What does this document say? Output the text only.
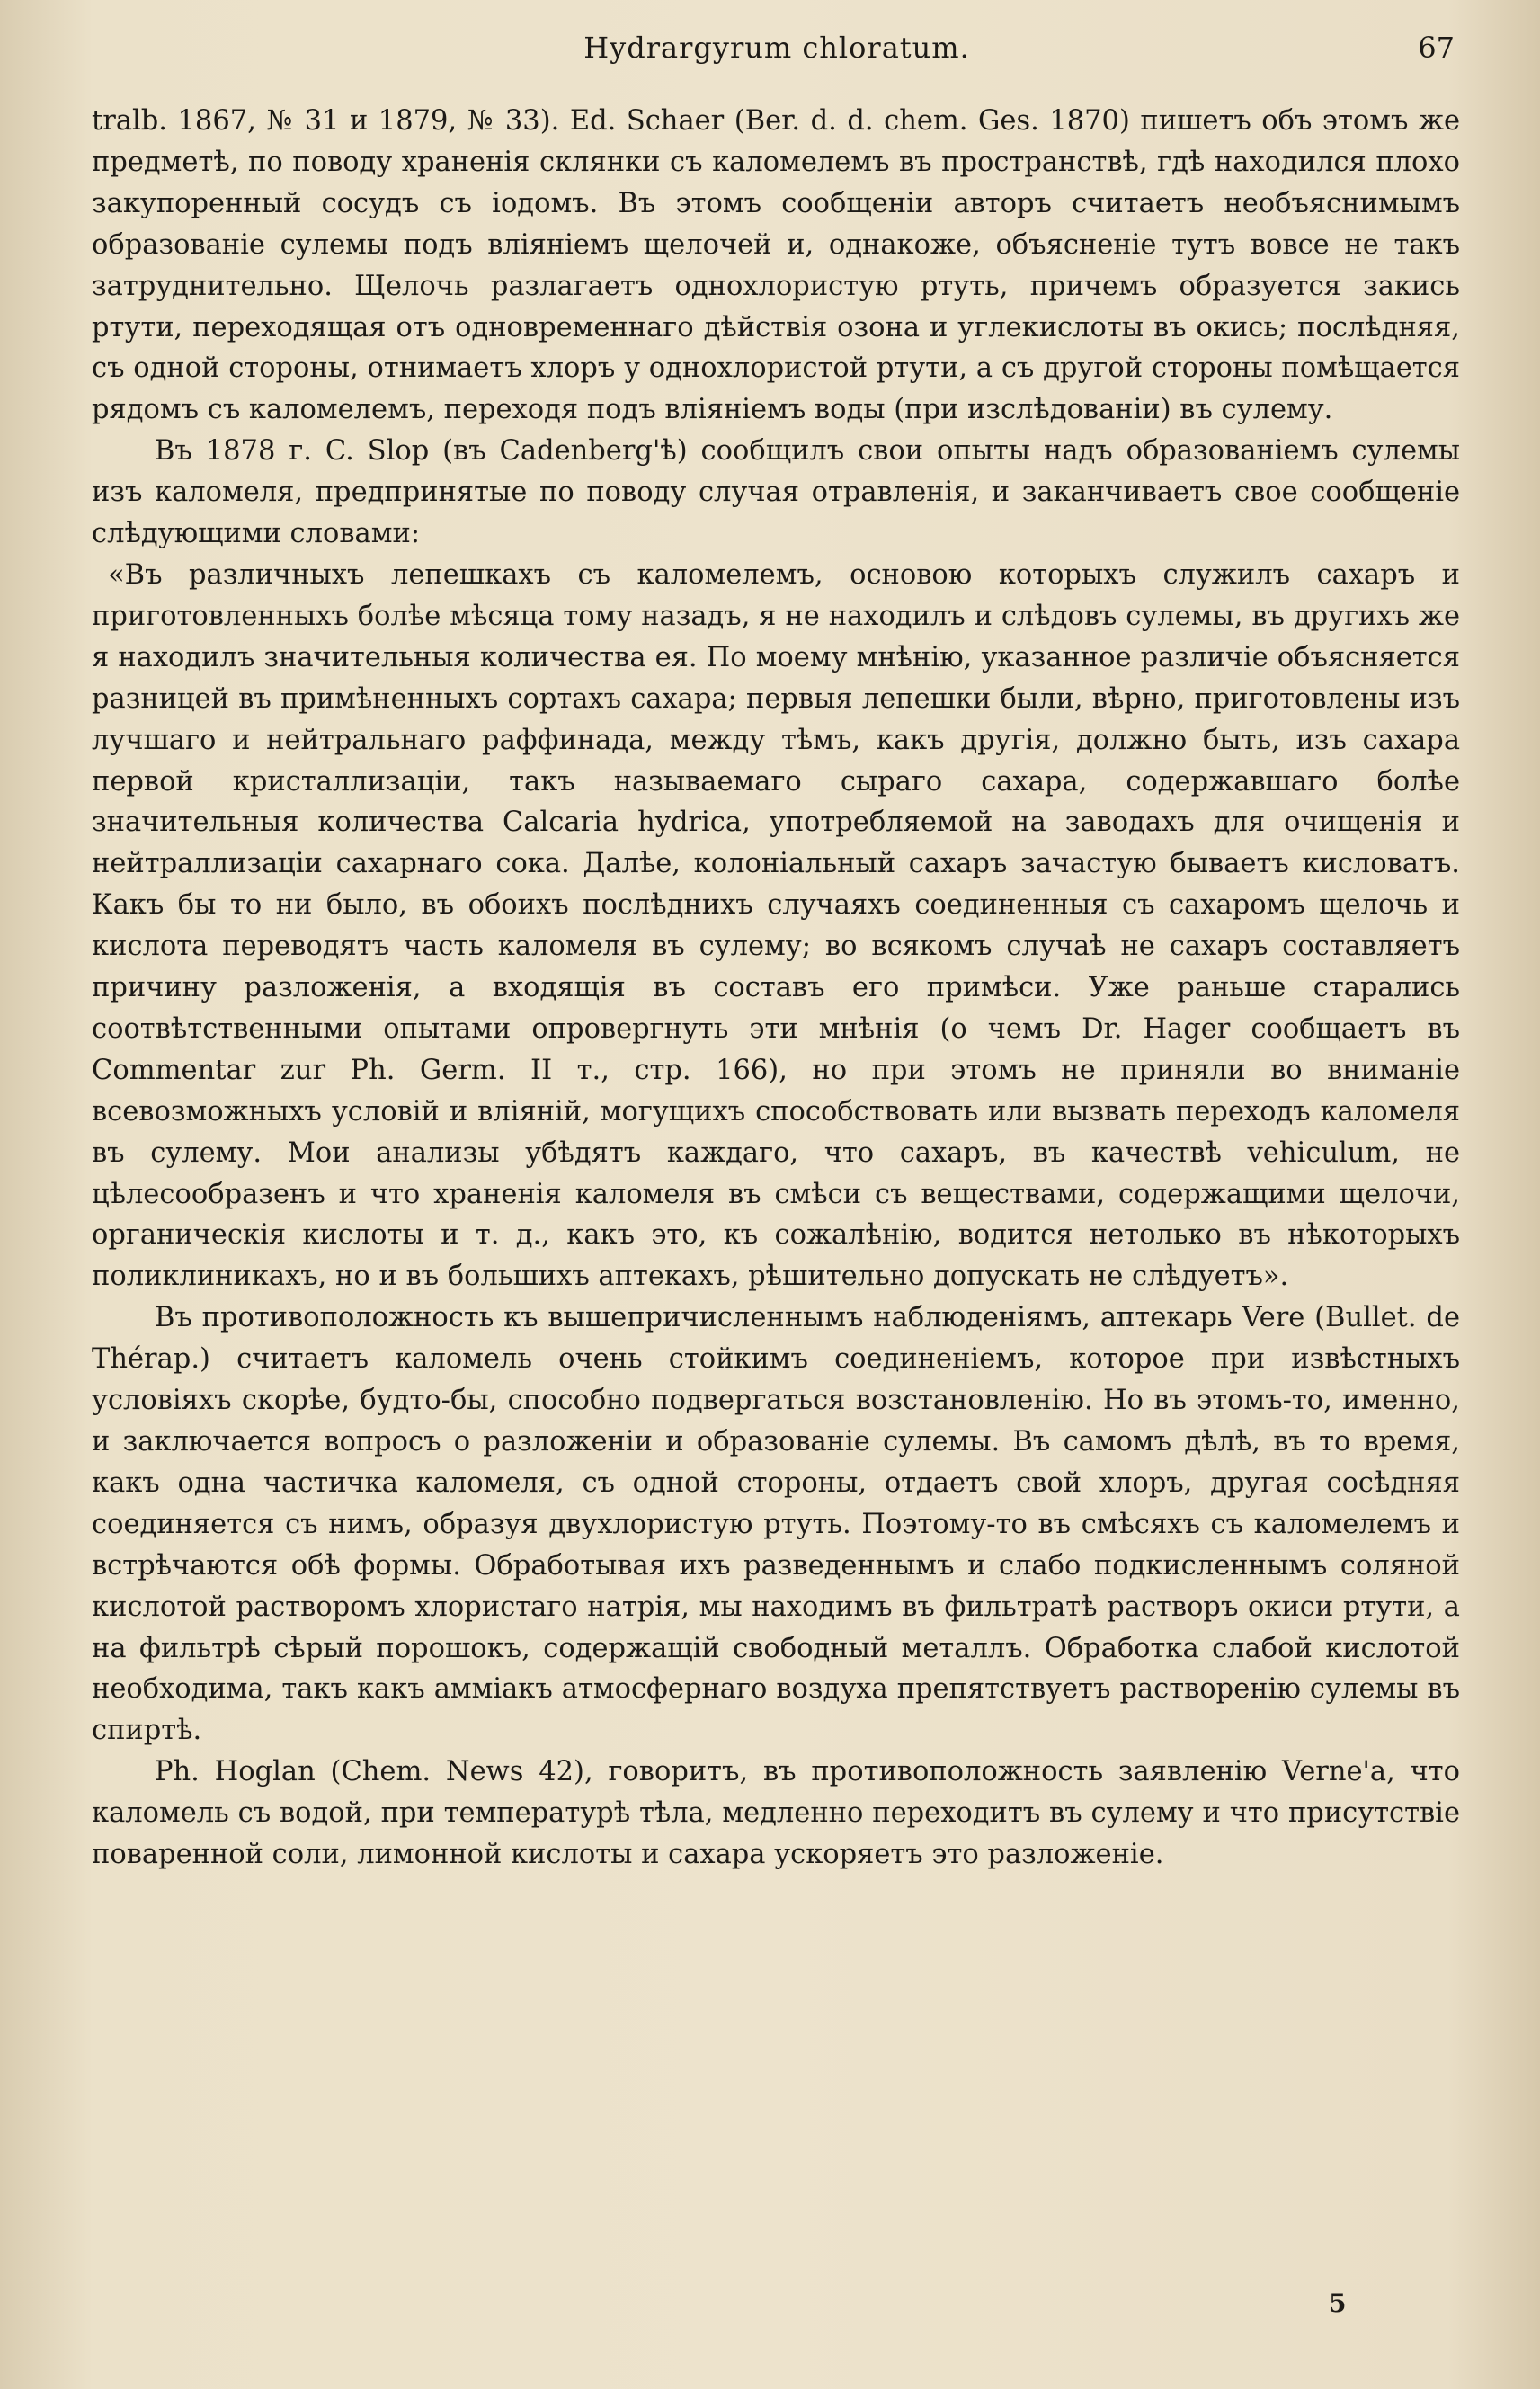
Hydrargyrum chloratum.	67

tralb. 1867, № 31 и 1879, № 33). Ed. Schaer (Ber. d. d. chem. Ges. 1870) пишетъ объ этомъ же предметѣ, по поводу храненія склянки съ каломелемъ въ пространствѣ, гдѣ находился плохо закупоренный сосудъ съ іодомъ. Въ этомъ сообщеніи авторъ считаетъ необъяснимымъ образованіе сулемы подъ вліяніемъ щелочей и, однакоже, объясненіе тутъ вовсе не такъ затруднительно. Щелочь разлагаетъ однохлористую ртуть, причемъ образуется закись ртути, переходящая отъ одновременнаго дѣйствія озона и углекислоты въ окись; послѣдняя, съ одной стороны, отнимаетъ хлоръ у однохлористой ртути, а съ другой стороны помѣщается рядомъ съ каломелемъ, переходя подъ вліяніемъ воды (при изслѣдованіи) въ сулему.

Въ 1878 г. C. Slop (въ Cadenberg'ѣ) сообщилъ свои опыты надъ образованіемъ сулемы изъ каломеля, предпринятые по поводу случая отравленія, и заканчиваетъ свое сообщеніе слѣдующими словами:

«Въ различныхъ лепешкахъ съ каломелемъ, основою которыхъ служилъ сахаръ и приготовленныхъ болѣе мѣсяца тому назадъ, я не находилъ и слѣдовъ сулемы, въ другихъ же я находилъ значительныя количества ея. По моему мнѣнію, указанное различіе объясняется разницей въ примѣненныхъ сортахъ сахара; первыя лепешки были, вѣрно, приготовлены изъ лучшаго и нейтральнаго раффинада, между тѣмъ, какъ другія, должно быть, изъ сахара первой кристаллизаціи, такъ называемаго сыраго сахара, содержавшаго болѣе значительныя количества Calcaria hydrica, употребляемой на заводахъ для очищенія и нейтраллизаціи сахарнаго сока. Далѣе, колоніальный сахаръ зачастую бываетъ кисловатъ. Какъ бы то ни было, въ обоихъ послѣднихъ случаяхъ соединенныя съ сахаромъ щелочь и кислота переводятъ часть каломеля въ сулему; во всякомъ случаѣ не сахаръ составляетъ причину разложенія, а входящія въ составъ его примѣси. Уже раньше старались соотвѣтственными опытами опровергнуть эти мнѣнія (о чемъ Dr. Hager сообщаетъ въ Commentar zur Ph. Germ. II т., стр. 166), но при этомъ не приняли во вниманіе всевозможныхъ условій и вліяній, могущихъ способствовать или вызвать переходъ каломеля въ сулему. Мои анализы убѣдятъ каждаго, что сахаръ, въ качествѣ vehiculum, не цѣлесообразенъ и что храненія каломеля въ смѣси съ веществами, содержащими щелочи, органическія кислоты и т. д., какъ это, къ сожалѣнію, водится нетолько въ нѣкоторыхъ поликлиникахъ, но и въ большихъ аптекахъ, рѣшительно допускать не слѣдуетъ».

Въ противоположность къ вышепричисленнымъ наблюденіямъ, аптекарь Vere (Bullet. de Thérap.) считаетъ каломель очень стойкимъ соединеніемъ, которое при извѣстныхъ условіяхъ скорѣе, будто-бы, способно подвергаться возстановленію. Но въ этомъ-то, именно, и заключается вопросъ о разложеніи и образованіе сулемы. Въ самомъ дѣлѣ, въ то время, какъ одна частичка каломеля, съ одной стороны, отдаетъ свой хлоръ, другая сосѣдняя соединяется съ нимъ, образуя двухлористую ртуть. Поэтому-то въ смѣсяхъ съ каломелемъ и встрѣчаются обѣ формы. Обработывая ихъ разведеннымъ и слабо подкисленнымъ соляной кислотой растворомъ хлористаго натрія, мы находимъ въ фильтратѣ растворъ окиси ртути, а на фильтрѣ сѣрый порошокъ, содержащій свободный металлъ. Обработка слабой кислотой необходима, такъ какъ амміакъ атмосфернаго воздуха препятствуетъ растворенію сулемы въ спиртѣ.

Ph. Hoglan (Chem. News 42), говоритъ, въ противоположность заявленію Verne'a, что каломель съ водой, при температурѣ тѣла, медленно переходитъ въ сулему и что присутствіе поваренной соли, лимонной кислоты и сахара ускоряетъ это разложеніе.

5
